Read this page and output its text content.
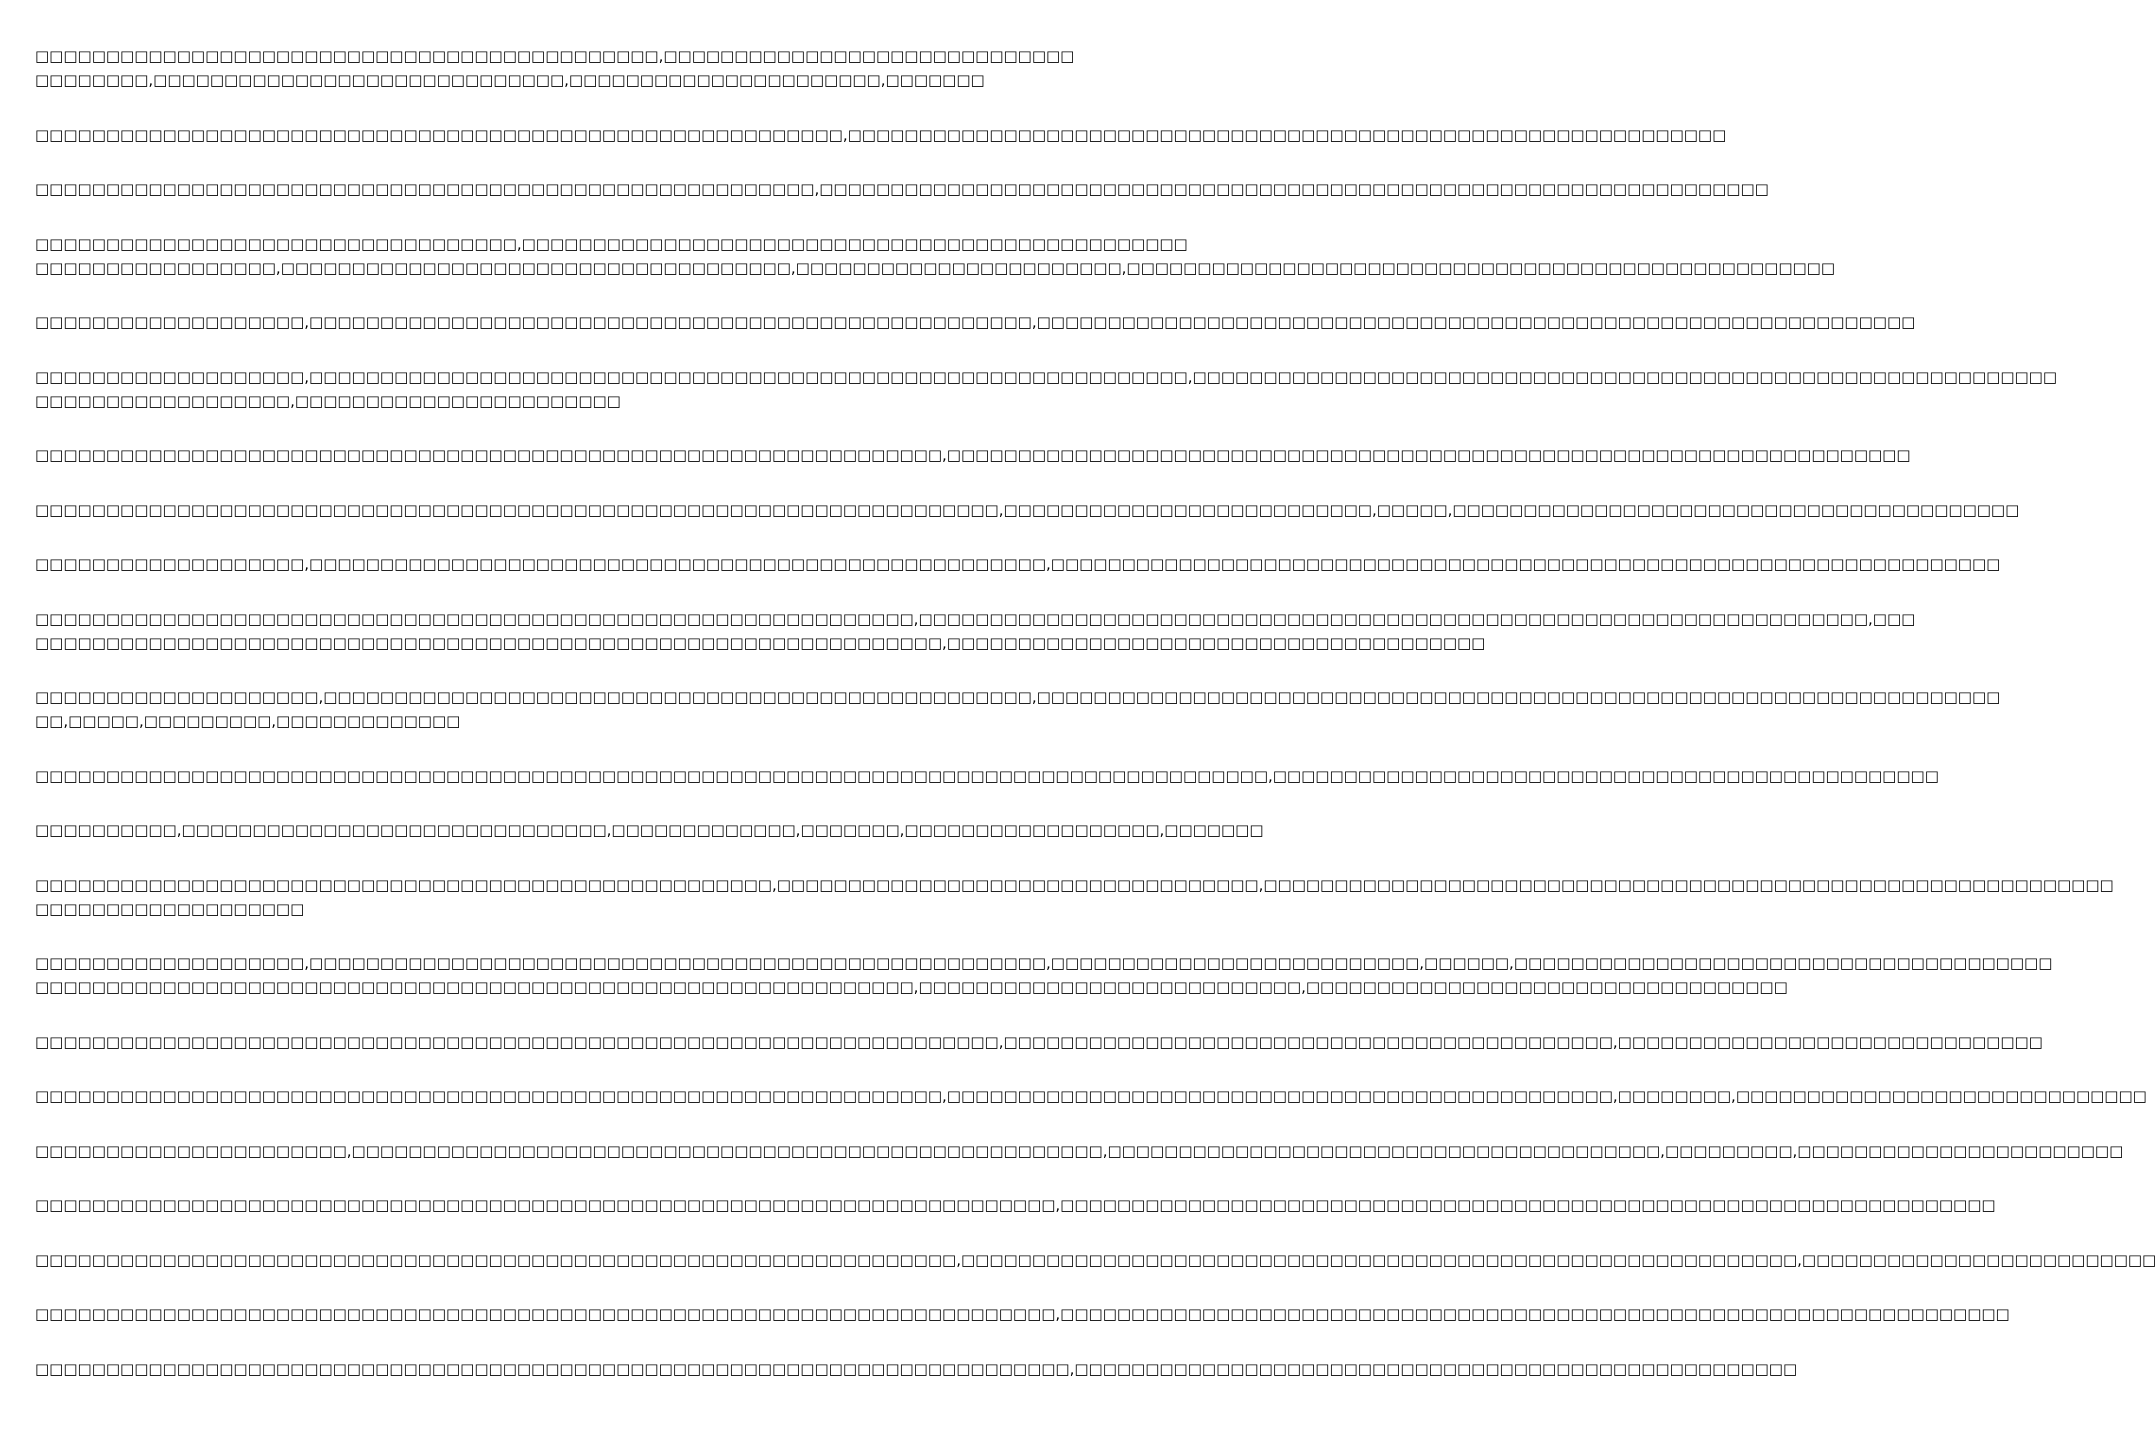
□□□□□□□□□□□□□□□□□□□□□□□□□□□□□□□□□□□□□□□□□□□□,□□□□□□□□□□□□□□□□□□□□□□□□□□□□□
□□□□□□□□,□□□□□□□□□□□□□□□□□□□□□□□□□□□□□,□□□□□□□□□□□□□□□□□□□□□□,□□□□□□□

□□□□□□□□□□□□□□□□□□□□□□□□□□□□□□□□□□□□□□□□□□□□□□□□□□□□□□□□□,□□□□□□□□□□□□□□□□□□□□□□□□□□□□□□□□□□□□□□□□□□□□□□□□□□□□□□□□□□□□□□

□□□□□□□□□□□□□□□□□□□□□□□□□□□□□□□□□□□□□□□□□□□□□□□□□□□□□□□,□□□□□□□□□□□□□□□□□□□□□□□□□□□□□□□□□□□□□□□□□□□□□□□□□□□□□□□□□□□□□□□□□□□

□□□□□□□□□□□□□□□□□□□□□□□□□□□□□□□□□□,□□□□□□□□□□□□□□□□□□□□□□□□□□□□□□□□□□□□□□□□□□□□□□□
□□□□□□□□□□□□□□□□□,□□□□□□□□□□□□□□□□□□□□□□□□□□□□□□□□□□□□,□□□□□□□□□□□□□□□□□□□□□□□,□□□□□□□□□□□□□□□□□□□□□□□□□□□□□□□□□□□□□□□□□□□□□□□□□□

□□□□□□□□□□□□□□□□□□□,□□□□□□□□□□□□□□□□□□□□□□□□□□□□□□□□□□□□□□□□□□□□□□□□□□□,□□□□□□□□□□□□□□□□□□□□□□□□□□□□□□□□□□□□□□□□□□□□□□□□□□□□□□□□□□□□□□

□□□□□□□□□□□□□□□□□□□,□□□□□□□□□□□□□□□□□□□□□□□□□□□□□□□□□□□□□□□□□□□□□□□□□□□□□□□□□□□□□□,□□□□□□□□□□□□□□□□□□□□□□□□□□□□□□□□□□□□□□□□□□□□□□□□□□□□□□□□□□□□□
□□□□□□□□□□□□□□□□□□,□□□□□□□□□□□□□□□□□□□□□□□

□□□□□□□□□□□□□□□□□□□□□□□□□□□□□□□□□□□□□□□□□□□□□□□□□□□□□□□□□□□□□□□□,□□□□□□□□□□□□□□□□□□□□□□□□□□□□□□□□□□□□□□□□□□□□□□□□□□□□□□□□□□□□□□□□□□□□

□□□□□□□□□□□□□□□□□□□□□□□□□□□□□□□□□□□□□□□□□□□□□□□□□□□□□□□□□□□□□□□□□□□□,□□□□□□□□□□□□□□□□□□□□□□□□□□,□□□□□,□□□□□□□□□□□□□□□□□□□□□□□□□□□□□□□□□□□□□□□□

□□□□□□□□□□□□□□□□□□□,□□□□□□□□□□□□□□□□□□□□□□□□□□□□□□□□□□□□□□□□□□□□□□□□□□□□,□□□□□□□□□□□□□□□□□□□□□□□□□□□□□□□□□□□□□□□□□□□□□□□□□□□□□□□□□□□□□□□□□□□

□□□□□□□□□□□□□□□□□□□□□□□□□□□□□□□□□□□□□□□□□□□□□□□□□□□□□□□□□□□□□□,□□□□□□□□□□□□□□□□□□□□□□□□□□□□□□□□□□□□□□□□□□□□□□□□□□□□□□□□□□□□□□□□□□□,□□□
□□□□□□□□□□□□□□□□□□□□□□□□□□□□□□□□□□□□□□□□□□□□□□□□□□□□□□□□□□□□□□□□,□□□□□□□□□□□□□□□□□□□□□□□□□□□□□□□□□□□□□□

□□□□□□□□□□□□□□□□□□□□,□□□□□□□□□□□□□□□□□□□□□□□□□□□□□□□□□□□□□□□□□□□□□□□□□□,□□□□□□□□□□□□□□□□□□□□□□□□□□□□□□□□□□□□□□□□□□□□□□□□□□□□□□□□□□□□□□□□□□□□
□□,□□□□□,□□□□□□□□□,□□□□□□□□□□□□□

□□□□□□□□□□□□□□□□□□□□□□□□□□□□□□□□□□□□□□□□□□□□□□□□□□□□□□□□□□□□□□□□□□□□□□□□□□□□□□□□□□□□□□□,□□□□□□□□□□□□□□□□□□□□□□□□□□□□□□□□□□□□□□□□□□□□□□□

□□□□□□□□□□,□□□□□□□□□□□□□□□□□□□□□□□□□□□□□□,□□□□□□□□□□□□□,□□□□□□□,□□□□□□□□□□□□□□□□□□,□□□□□□□

□□□□□□□□□□□□□□□□□□□□□□□□□□□□□□□□□□□□□□□□□□□□□□□□□□□□,□□□□□□□□□□□□□□□□□□□□□□□□□□□□□□□□□□,□□□□□□□□□□□□□□□□□□□□□□□□□□□□□□□□□□□□□□□□□□□□□□□□□□□□□□□□□□□□
□□□□□□□□□□□□□□□□□□□

□□□□□□□□□□□□□□□□□□□,□□□□□□□□□□□□□□□□□□□□□□□□□□□□□□□□□□□□□□□□□□□□□□□□□□□□,□□□□□□□□□□□□□□□□□□□□□□□□□□,□□□□□□,□□□□□□□□□□□□□□□□□□□□□□□□□□□□□□□□□□□□□□
□□□□□□□□□□□□□□□□□□□□□□□□□□□□□□□□□□□□□□□□□□□□□□□□□□□□□□□□□□□□□□,□□□□□□□□□□□□□□□□□□□□□□□□□□□,□□□□□□□□□□□□□□□□□□□□□□□□□□□□□□□□□□

□□□□□□□□□□□□□□□□□□□□□□□□□□□□□□□□□□□□□□□□□□□□□□□□□□□□□□□□□□□□□□□□□□□□,□□□□□□□□□□□□□□□□□□□□□□□□□□□□□□□□□□□□□□□□□□□,□□□□□□□□□□□□□□□□□□□□□□□□□□□□□□

□□□□□□□□□□□□□□□□□□□□□□□□□□□□□□□□□□□□□□□□□□□□□□□□□□□□□□□□□□□□□□□□,□□□□□□□□□□□□□□□□□□□□□□□□□□□□□□□□□□□□□□□□□□□□□□□,□□□□□□□□,□□□□□□□□□□□□□□□□□□□□□□□□□□□□□

□□□□□□□□□□□□□□□□□□□□□□,□□□□□□□□□□□□□□□□□□□□□□□□□□□□□□□□□□□□□□□□□□□□□□□□□□□□□,□□□□□□□□□□□□□□□□□□□□□□□□□□□□□□□□□□□□□□□,□□□□□□□□□,□□□□□□□□□□□□□□□□□□□□□□□

□□□□□□□□□□□□□□□□□□□□□□□□□□□□□□□□□□□□□□□□□□□□□□□□□□□□□□□□□□□□□□□□□□□□□□□□,□□□□□□□□□□□□□□□□□□□□□□□□□□□□□□□□□□□□□□□□□□□□□□□□□□□□□□□□□□□□□□□□□□

□□□□□□□□□□□□□□□□□□□□□□□□□□□□□□□□□□□□□□□□□□□□□□□□□□□□□□□□□□□□□□□□□,□□□□□□□□□□□□□□□□□□□□□□□□□□□□□□□□□□□□□□□□□□□□□□□□□□□□□□□□□□□,□□□□□□□□□□□□□□□□□□□□□□□□□

□□□□□□□□□□□□□□□□□□□□□□□□□□□□□□□□□□□□□□□□□□□□□□□□□□□□□□□□□□□□□□□□□□□□□□□□,□□□□□□□□□□□□□□□□□□□□□□□□□□□□□□□□□□□□□□□□□□□□□□□□□□□□□□□□□□□□□□□□□□□

□□□□□□□□□□□□□□□□□□□□□□□□□□□□□□□□□□□□□□□□□□□□□□□□□□□□□□□□□□□□□□□□□□□□□□□□□,□□□□□□□□□□□□□□□□□□□□□□□□□□□□□□□□□□□□□□□□□□□□□□□□□□□
